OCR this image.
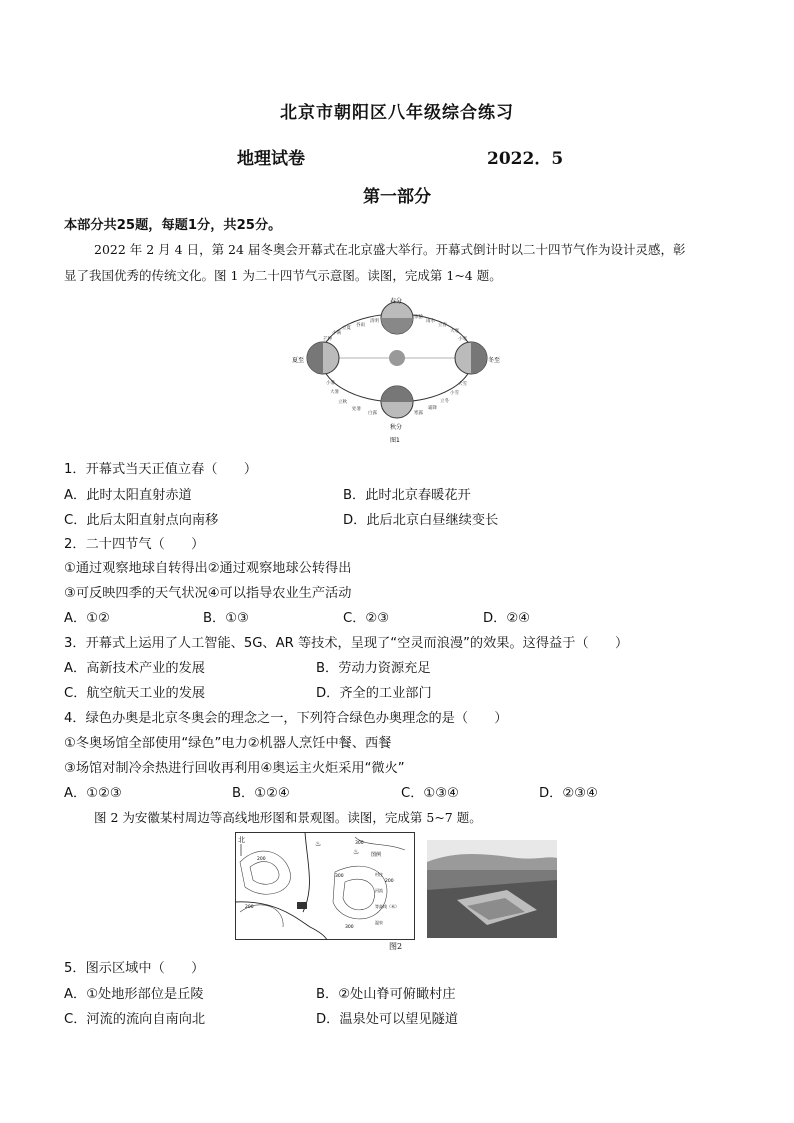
北京市朝阳区八年级综合练习
地理试卷	2022．5
第一部分
本部分共25题，每题1分，共25分。
2022 年 2 月 4 日，第 24 届冬奥会开幕式在北京盛大举行。开幕式倒计时以二十四节气作为设计灵感，彰
显了我国优秀的传统文化。图 1 为二十四节气示意图。读图，完成第 1~4 题。
春分
夏至
秋分
冬至
清明
谷雨
立夏
小满
芒种
小暑
大暑
立秋
处暑
白露	寒露
霜降
立冬
小雪
大雪
小寒
大寒
立春
雨水
惊蛰
图1
1．开幕式当天正值立春（　　）
A．此时太阳直射赤道	B．此时北京春暖花开
C．此后太阳直射点向南移	D．此后北京白昼继续变长
2．二十四节气（　　）
①通过观察地球自转得出②通过观察地球公转得出
③可反映四季的天气状况④可以指导农业生产活动
A．①②	B．①③	C．②③	D．②④
3．开幕式上运用了人工智能、5G、AR 等技术，呈现了“空灵而浪漫”的效果。这得益于（　　）
A．高新技术产业的发展	B．劳动力资源充足
C．航空航天工业的发展	D．齐全的工业部门
4．绿色办奥是北京冬奥会的理念之一，下列符合绿色办奥理念的是（　　）
①冬奥场馆全部使用“绿色”电力②机器人烹饪中餐、西餐
③场馆对制冷余热进行回收再利用④奥运主火炬采用“微火”
A．①②③	B．①②④	C．①③④	D．②③④
图 2 为安徽某村周边等高线地形图和景观图。读图，完成第 5~7 题。
北
200
300
200
300
200
300
♨
♨ 图例
村庄
河流
等高线（米）
温泉
图2
5．图示区域中（　　）
A．①处地形部位是丘陵	B．②处山脊可俯瞰村庄
C．河流的流向自南向北	D．温泉处可以望见隧道
